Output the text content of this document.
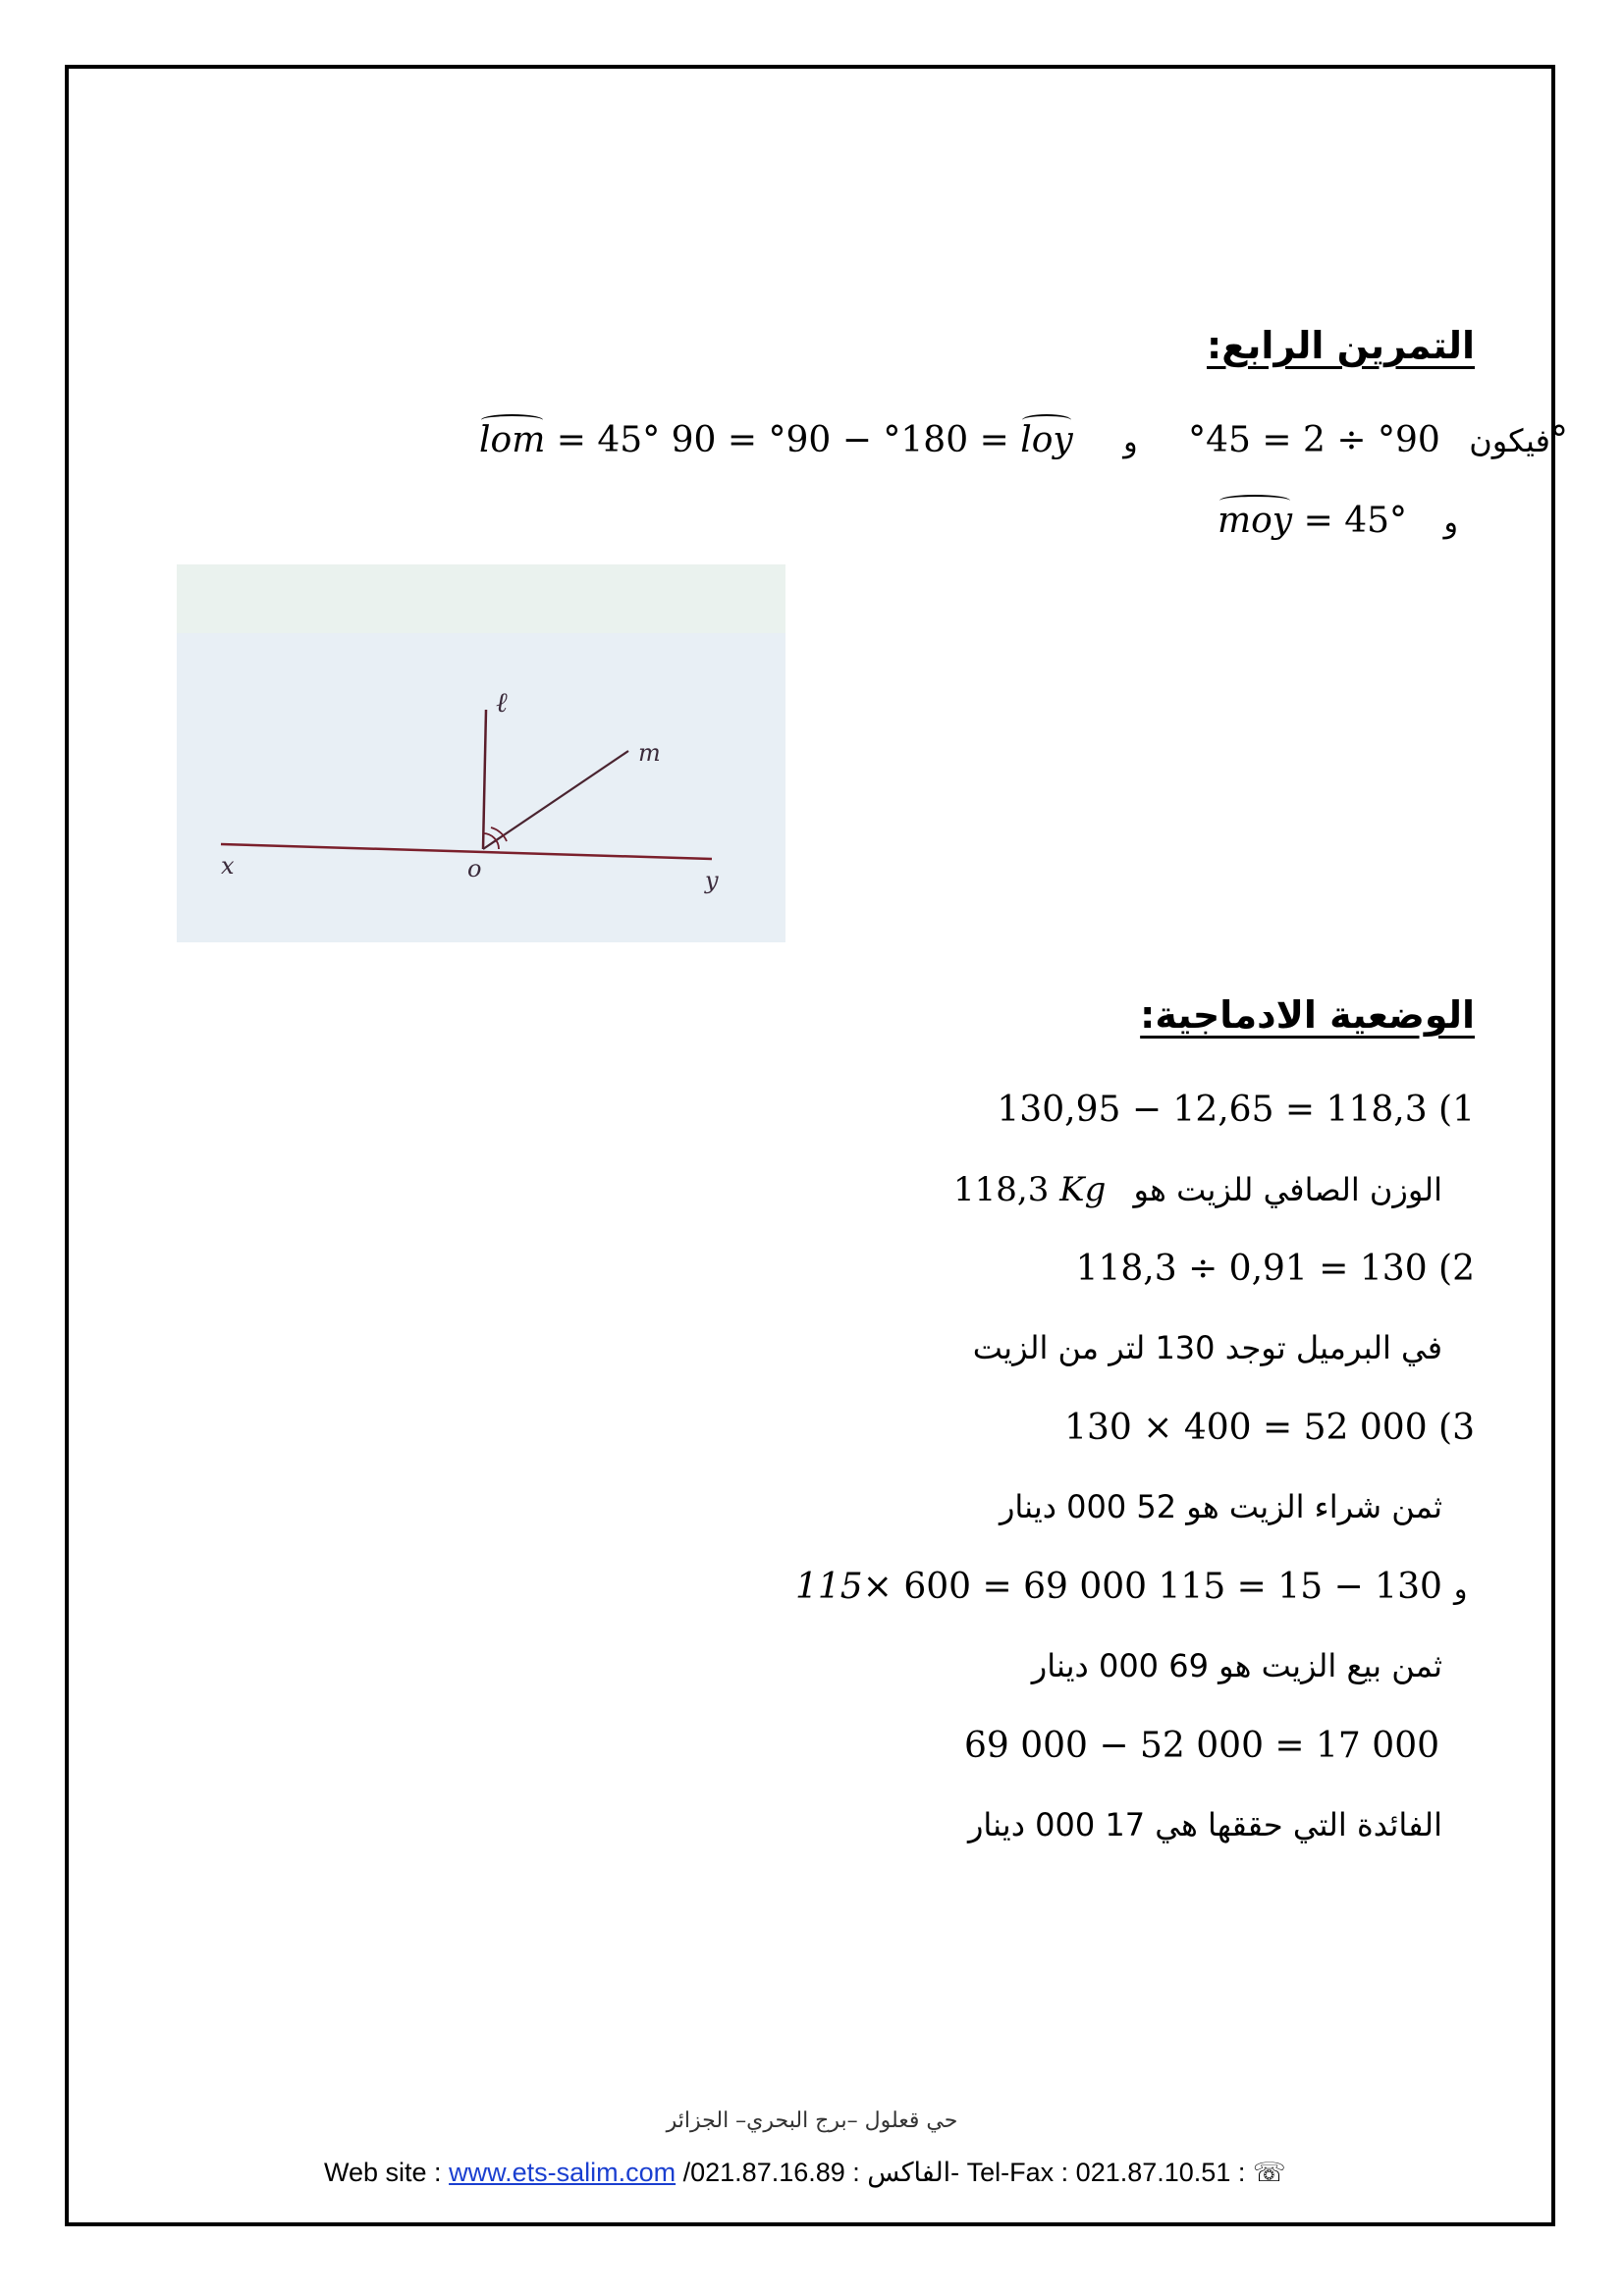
التمرين الرابع:
lom = 45°	فيكون 90° ÷ 2 = 45° و loy = 180° − 90° = 90°
moy = 45° و
ℓ
m
x	o	y
الوضعية الادماجية:
130,95 − 12,65 = 118,3 (1
الوزن الصافي للزيت هو 118,3 Kg
118,3 ÷ 0,91 = 130 (2
في البرميل توجد 130 لتر من الزيت
130 × 400 = 52 000 (3
ثمن شراء الزيت هو 52 000 دينار
115× 600 = 69 000	و130 − 15 = 115
ثمن بيع الزيت هو 69 000 دينار
69 000 − 52 000 = 17 000
الفائدة التي حققها هي 17 000 دينار
حي قعلول –برج البحري– الجزائر
Web site : www.ets-salim.com /021.87.16.89 : الفاكس- Tel-Fax : 021.87.10.51 : ☏
